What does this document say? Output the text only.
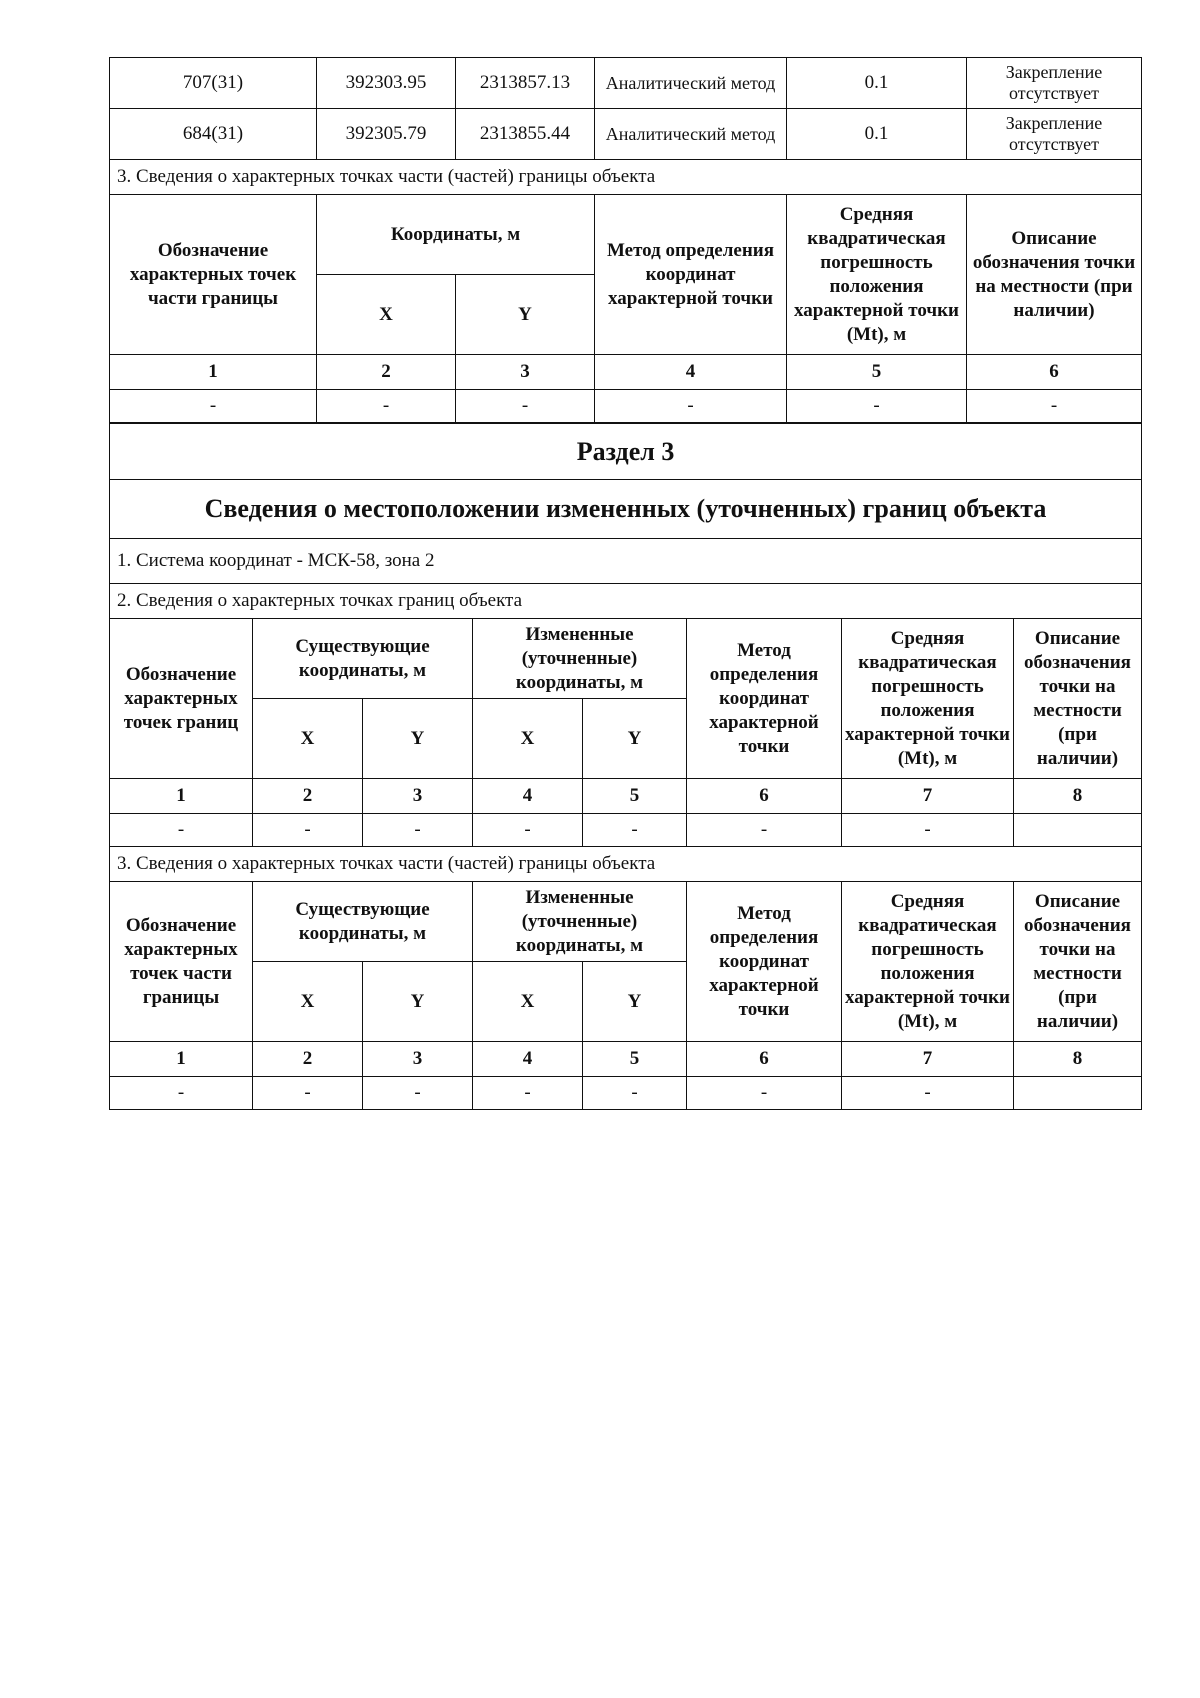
707(31)	392303.95	2313857.13	Аналитический метод	0.1	Закрепление отсутствует
684(31)	392305.79	2313855.44	Аналитический метод	0.1	Закрепление отсутствует
3. Сведения о характерных точках части (частей) границы объекта					
Обозначение характерных точек части границы	Координаты, м		Метод определения координат характерной точки	Средняя квадратическая погрешность положения характерной точки (Mt), м	Описание обозначения точки на местности (при наличии)
	X	Y			
1	2	3	4	5	6
-	-	-	-	-	-
Раздел 3							
Сведения о местоположении измененных (уточненных) границ объекта							
1. Система координат - МСК-58, зона 2							
2. Сведения о характерных точках границ объекта							
Обозначение характерных точек границ	Существующие координаты, м		Измененные (уточненные) координаты, м		Метод определения координат характерной точки	Средняя квадратическая погрешность положения характерной точки (Mt), м	Описание обозначения точки на местности (при наличии)
	X	Y	X	Y			
1	2	3	4	5	6	7	8
-	-	-	-	-	-	-	
3. Сведения о характерных точках части (частей) границы объекта							
Обозначение характерных точек части границы	Существующие координаты, м		Измененные (уточненные) координаты, м		Метод определения координат характерной точки	Средняя квадратическая погрешность положения характерной точки (Mt), м	Описание обозначения точки на местности (при наличии)
	X	Y	X	Y			
1	2	3	4	5	6	7	8
-	-	-	-	-	-	-	
